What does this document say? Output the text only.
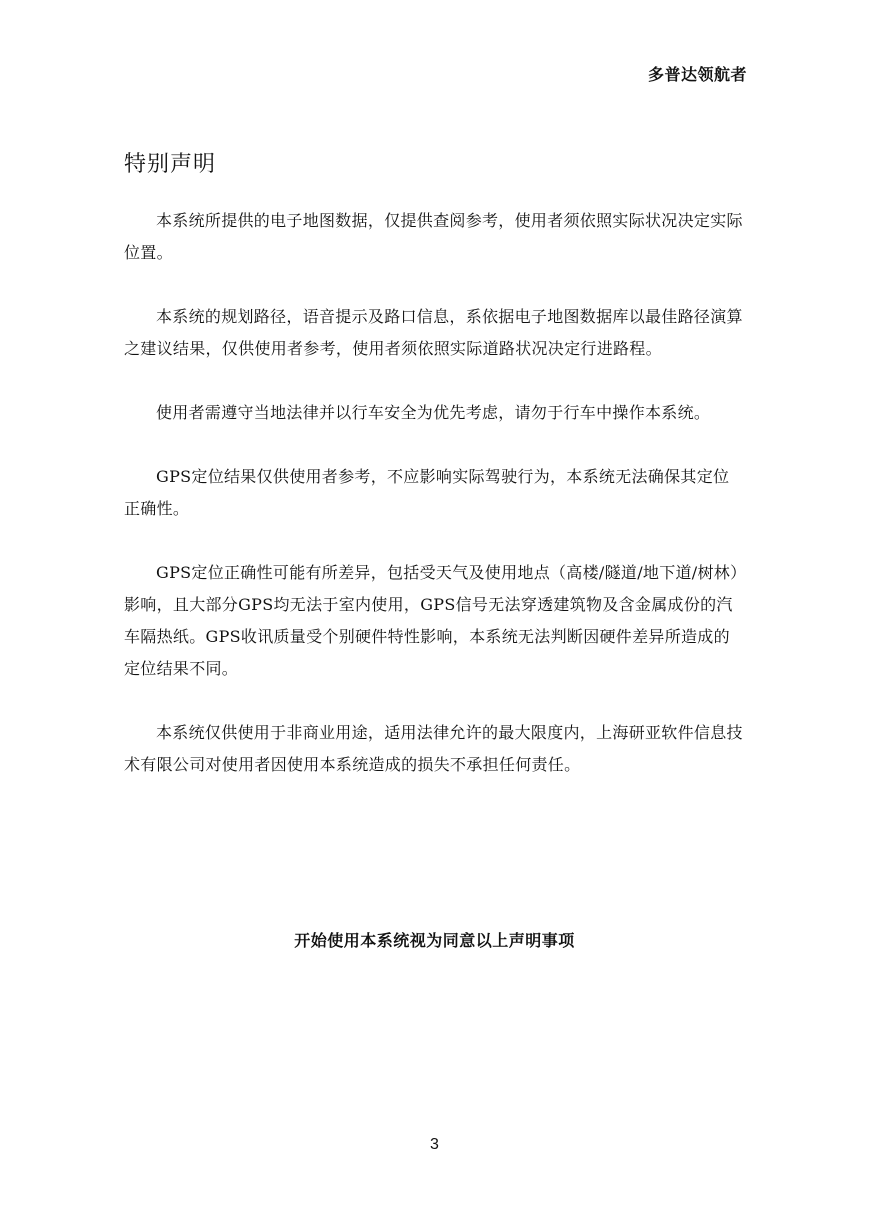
多普达领航者
特别声明

本系统所提供的电子地图数据，仅提供查阅参考，使用者须依照实际状况决定实际位置。

本系统的规划路径，语音提示及路口信息，系依据电子地图数据库以最佳路径演算之建议结果，仅供使用者参考，使用者须依照实际道路状况决定行进路程。

使用者需遵守当地法律并以行车安全为优先考虑，请勿于行车中操作本系统。

GPS定位结果仅供使用者参考，不应影响实际驾驶行为，本系统无法确保其定位正确性。

GPS定位正确性可能有所差异，包括受天气及使用地点（高楼/隧道/地下道/树林）影响，且大部分GPS均无法于室内使用，GPS信号无法穿透建筑物及含金属成份的汽车隔热纸。GPS收讯质量受个别硬件特性影响，本系统无法判断因硬件差异所造成的定位结果不同。

本系统仅供使用于非商业用途，适用法律允许的最大限度内，上海研亚软件信息技术有限公司对使用者因使用本系统造成的损失不承担任何责任。

开始使用本系统视为同意以上声明事项
3
